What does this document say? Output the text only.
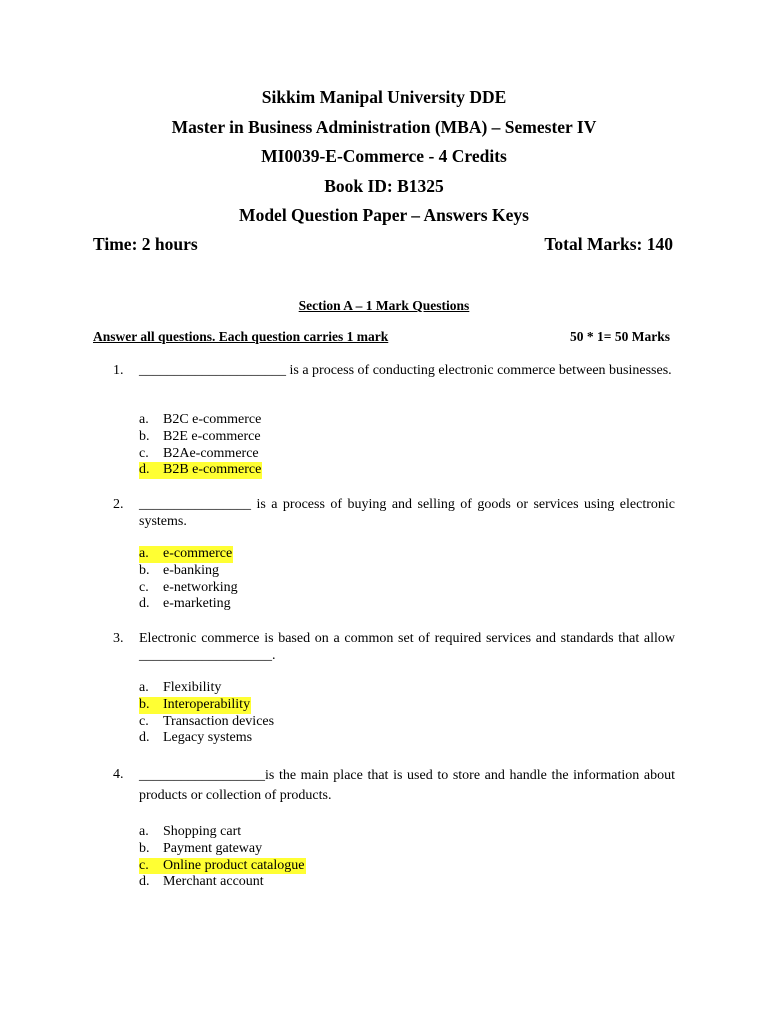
Sikkim Manipal University DDE
Master in Business Administration (MBA) – Semester IV
MI0039-E-Commerce - 4 Credits
Book ID: B1325
Model Question Paper – Answers Keys
Time: 2 hours	Total Marks: 140
Section A – 1 Mark Questions
Answer all questions. Each question carries 1 mark	50 * 1= 50 Marks
1. _____________________ is a process of conducting electronic commerce between businesses.
a. B2C e-commerce
b. B2E e-commerce
c. B2Ae-commerce
d. B2B e-commerce
2. ________________ is a process of buying and selling of goods or services using electronic systems.
a. e-commerce
b. e-banking
c. e-networking
d. e-marketing
3. Electronic commerce is based on a common set of required services and standards that allow ___________________.
a. Flexibility
b. Interoperability
c. Transaction devices
d. Legacy systems
4. __________________is the main place that is used to store and handle the information about products or collection of products.
a. Shopping cart
b. Payment gateway
c. Online product catalogue
d. Merchant account
